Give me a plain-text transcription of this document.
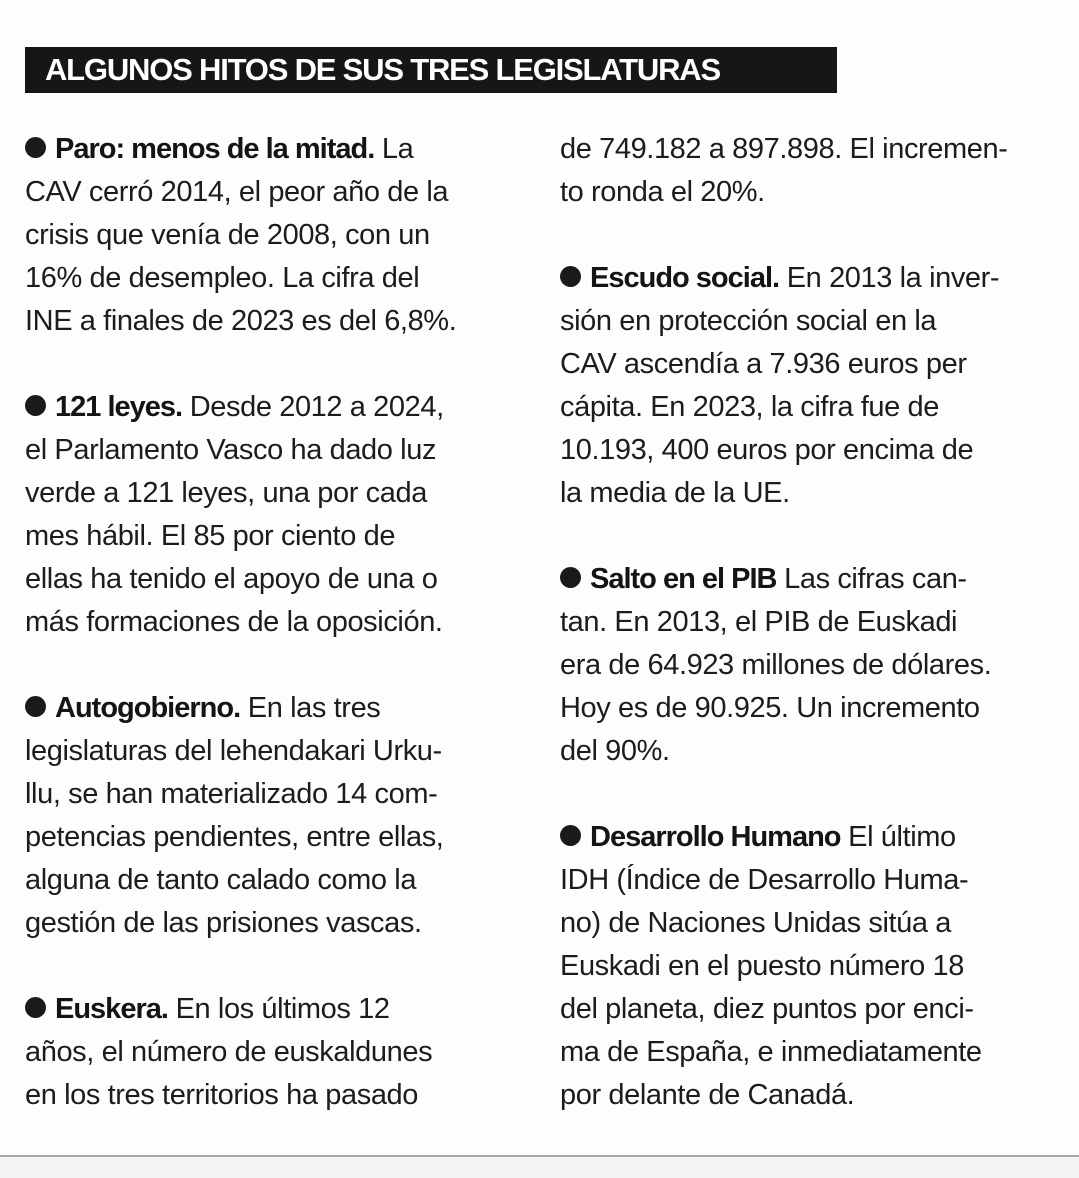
ALGUNOS HITOS DE SUS TRES LEGISLATURAS
Paro: menos de la mitad. La
CAV cerró 2014, el peor año de la
crisis que venía de 2008, con un
16% de desempleo. La cifra del
INE a finales de 2023 es del 6,8%.
121 leyes. Desde 2012 a 2024,
el Parlamento Vasco ha dado luz
verde a 121 leyes, una por cada
mes hábil. El 85 por ciento de
ellas ha tenido el apoyo de una o
más formaciones de la oposición.
Autogobierno. En las tres
legislaturas del lehendakari Urku-
llu, se han materializado 14 com-
petencias pendientes, entre ellas,
alguna de tanto calado como la
gestión de las prisiones vascas.
Euskera. En los últimos 12
años, el número de euskaldunes
en los tres territorios ha pasado
de 749.182 a 897.898. El incremen-
to ronda el 20%.
Escudo social. En 2013 la inver-
sión en protección social en la
CAV ascendía a 7.936 euros per
cápita. En 2023, la cifra fue de
10.193, 400 euros por encima de
la media de la UE.
Salto en el PIB Las cifras can-
tan. En 2013, el PIB de Euskadi
era de 64.923 millones de dólares.
Hoy es de 90.925. Un incremento
del 90%.
Desarrollo Humano El último
IDH (Índice de Desarrollo Huma-
no) de Naciones Unidas sitúa a
Euskadi en el puesto número 18
del planeta, diez puntos por enci-
ma de España, e inmediatamente
por delante de Canadá.
